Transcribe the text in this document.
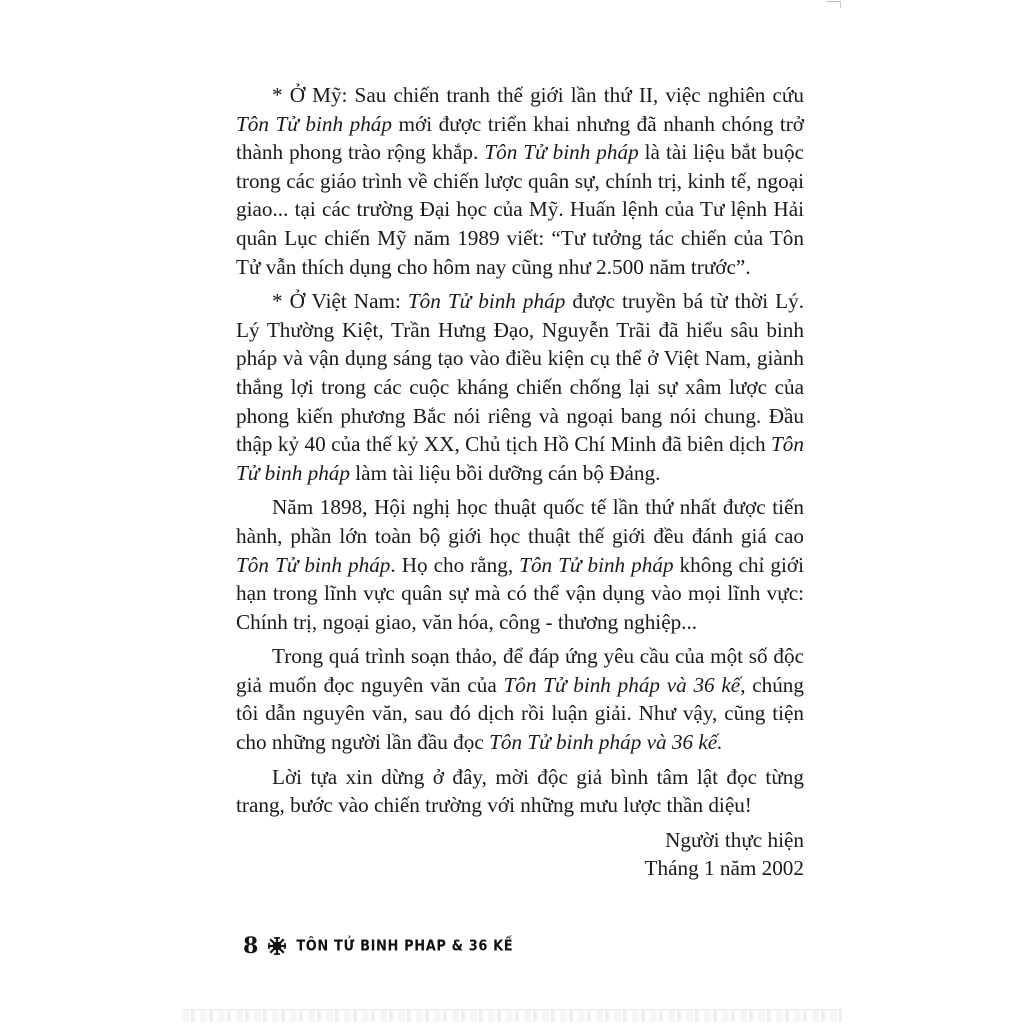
* Ở Mỹ: Sau chiến tranh thế giới lần thứ II, việc nghiên cứu Tôn Tử binh pháp mới được triển khai nhưng đã nhanh chóng trở thành phong trào rộng khắp. Tôn Tử binh pháp là tài liệu bắt buộc trong các giáo trình về chiến lược quân sự, chính trị, kinh tế, ngoại giao... tại các trường Đại học của Mỹ. Huấn lệnh của Tư lệnh Hải quân Lục chiến Mỹ năm 1989 viết: “Tư tưởng tác chiến của Tôn Tử vẫn thích dụng cho hôm nay cũng như 2.500 năm trước”.

* Ở Việt Nam: Tôn Tử binh pháp được truyền bá từ thời Lý. Lý Thường Kiệt, Trần Hưng Đạo, Nguyễn Trãi đã hiểu sâu binh pháp và vận dụng sáng tạo vào điều kiện cụ thể ở Việt Nam, giành thắng lợi trong các cuộc kháng chiến chống lại sự xâm lược của phong kiến phương Bắc nói riêng và ngoại bang nói chung. Đầu thập kỷ 40 của thế kỷ XX, Chủ tịch Hồ Chí Minh đã biên dịch Tôn Tử binh pháp làm tài liệu bồi dưỡng cán bộ Đảng.

Năm 1898, Hội nghị học thuật quốc tế lần thứ nhất được tiến hành, phần lớn toàn bộ giới học thuật thế giới đều đánh giá cao Tôn Tử binh pháp. Họ cho rằng, Tôn Tử binh pháp không chỉ giới hạn trong lĩnh vực quân sự mà có thể vận dụng vào mọi lĩnh vực: Chính trị, ngoại giao, văn hóa, công - thương nghiệp...

Trong quá trình soạn thảo, để đáp ứng yêu cầu của một số độc giả muốn đọc nguyên văn của Tôn Tử binh pháp và 36 kế, chúng tôi dẫn nguyên văn, sau đó dịch rồi luận giải. Như vậy, cũng tiện cho những người lần đầu đọc Tôn Tử binh pháp và 36 kế.

Lời tựa xin dừng ở đây, mời độc giả bình tâm lật đọc từng trang, bước vào chiến trường với những mưu lược thần diệu!

Người thực hiện
Tháng 1 năm 2002
8	TÔN TỬ BINH PHAP & 36 KẾ
